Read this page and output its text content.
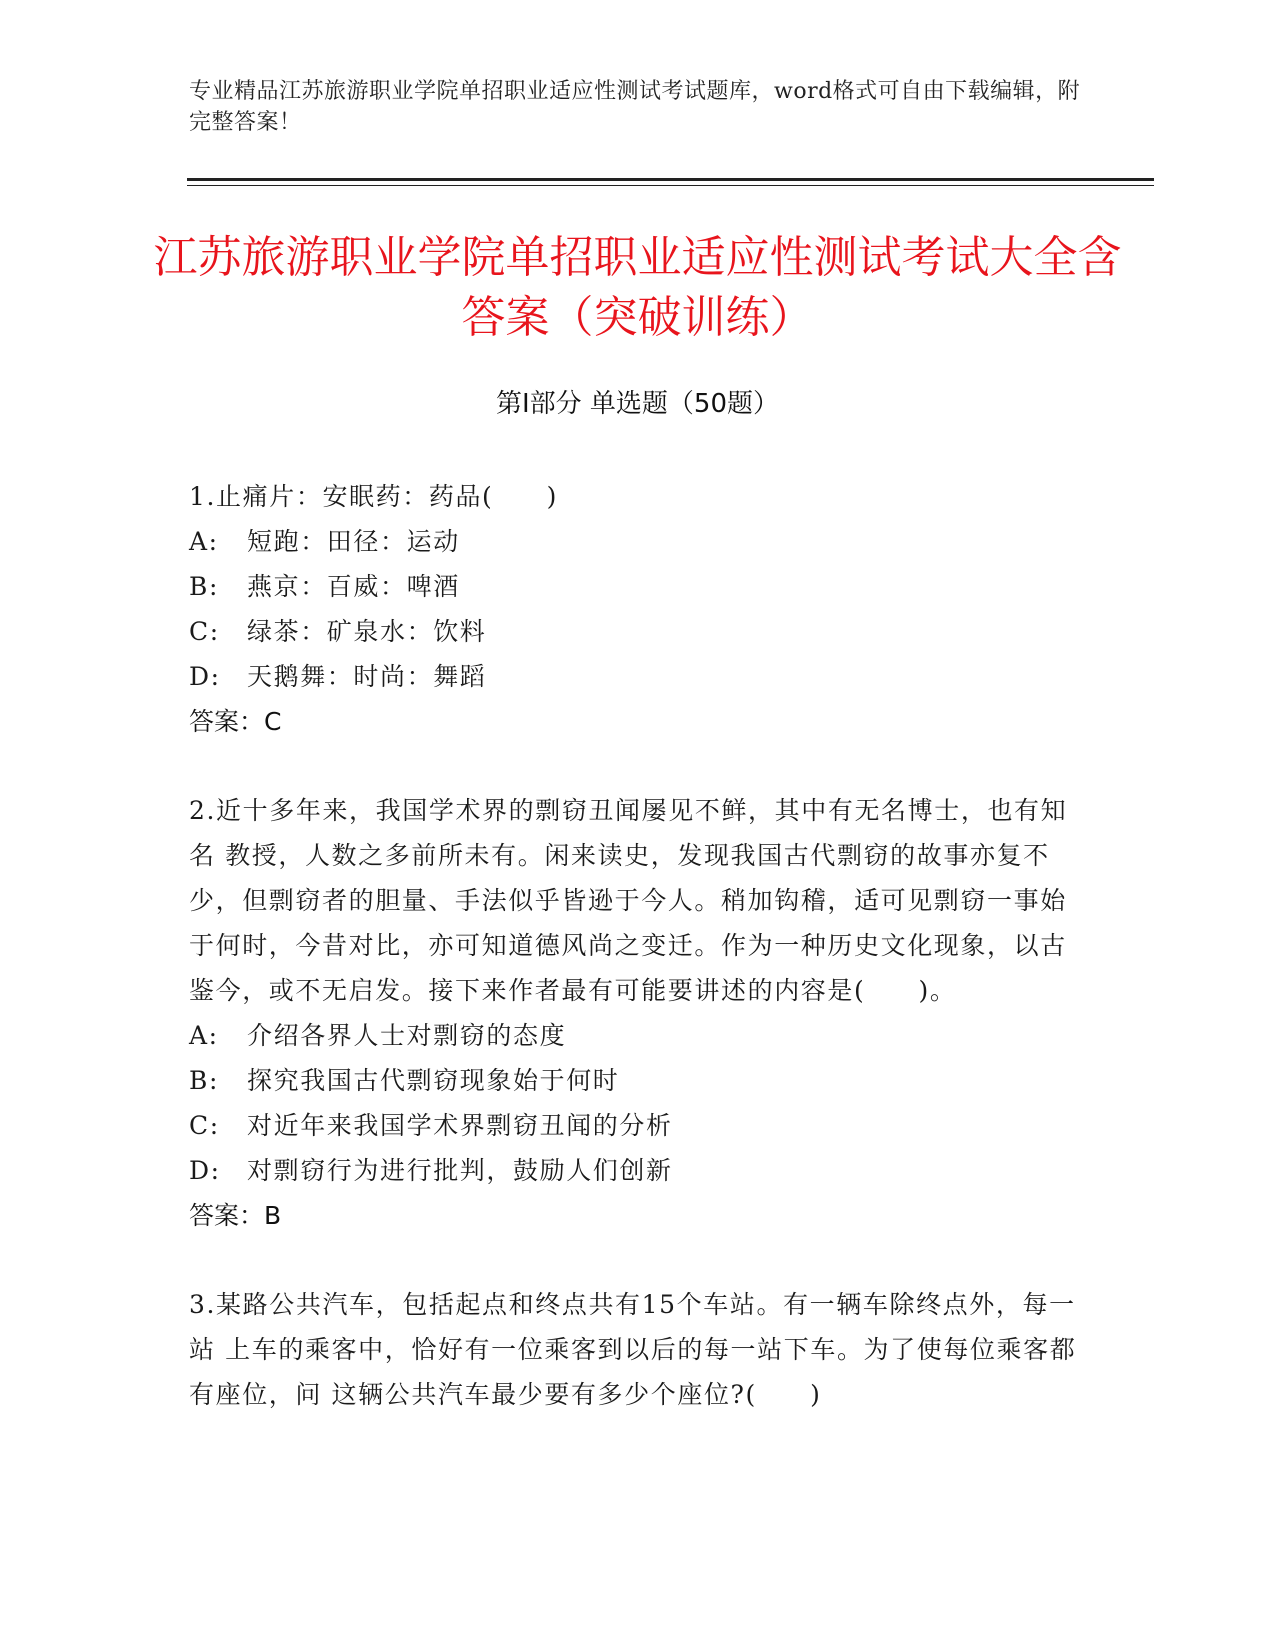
专业精品江苏旅游职业学院单招职业适应性测试考试题库，word格式可自由下载编辑，附完整答案！
江苏旅游职业学院单招职业适应性测试考试大全含答案（突破训练）
第Ⅰ部分 单选题（50题）
1.止痛片：安眠药：药品(　　)
A:	短跑：田径：运动
B:	燕京：百威：啤酒
C:	绿茶：矿泉水：饮料
D:	天鹅舞：时尚：舞蹈
答案：C
2.近十多年来，我国学术界的剽窃丑闻屡见不鲜，其中有无名博士，也有知名 教授，人数之多前所未有。闲来读史，发现我国古代剽窃的故事亦复不少，但剽窃者的胆量、手法似乎皆逊于今人。稍加钩稽，适可见剽窃一事始于何时，今昔对比，亦可知道德风尚之变迁。作为一种历史文化现象，以古鉴今，或不无启发。接下来作者最有可能要讲述的内容是(　　)。
A:	介绍各界人士对剽窃的态度
B:	探究我国古代剽窃现象始于何时
C:	对近年来我国学术界剽窃丑闻的分析
D:	对剽窃行为进行批判，鼓励人们创新
答案：B
3.某路公共汽车，包括起点和终点共有15个车站。有一辆车除终点外，每一站 上车的乘客中，恰好有一位乘客到以后的每一站下车。为了使每位乘客都有座位，问 这辆公共汽车最少要有多少个座位?(　　)
